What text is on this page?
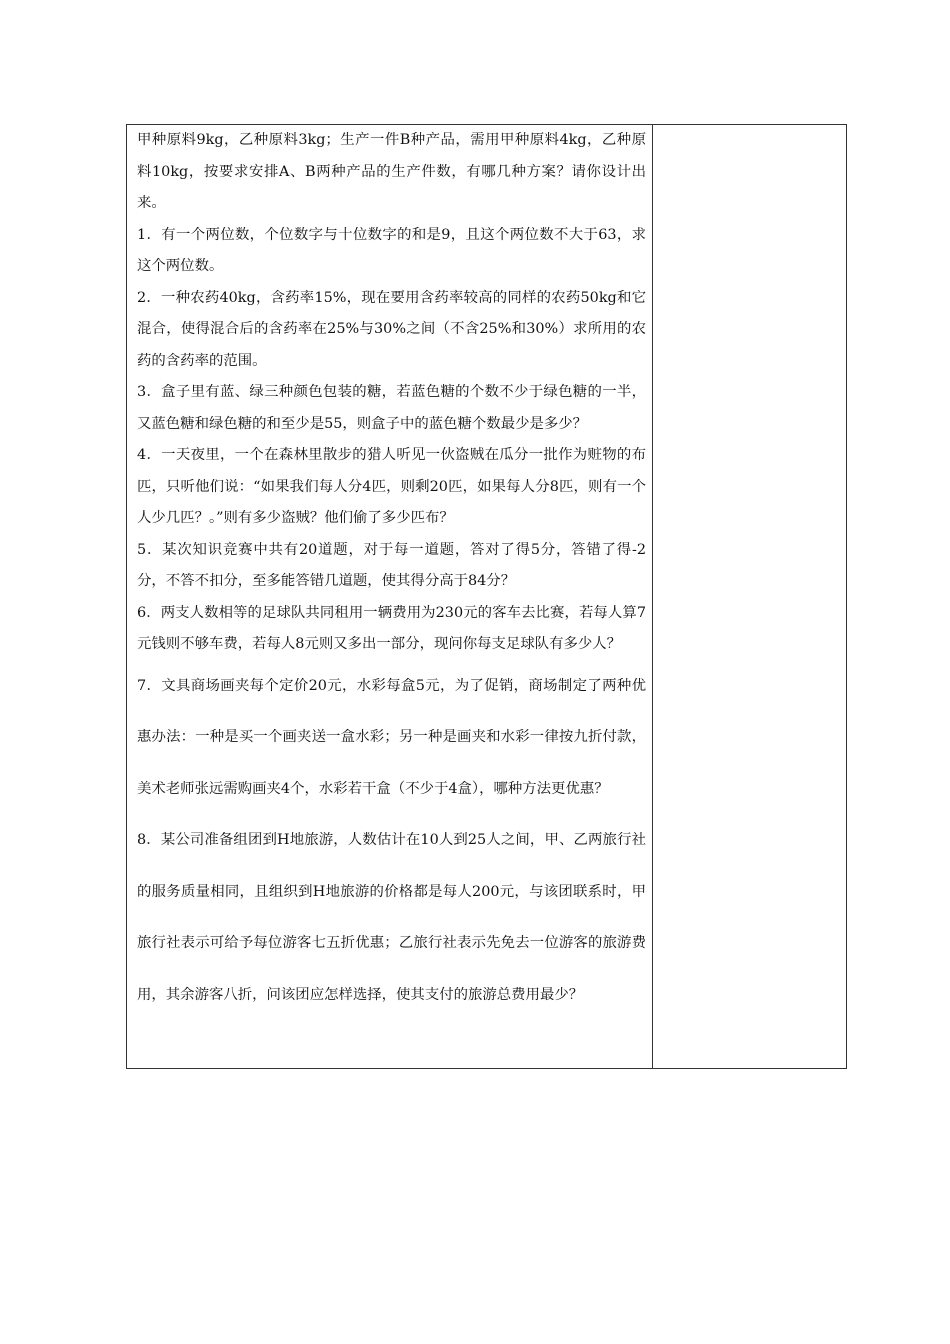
甲种原料9kg，乙种原料3kg；生产一件B种产品，需用甲种原料4kg，乙种原料10kg，按要求安排A、B两种产品的生产件数，有哪几种方案？请你设计出来。

1．有一个两位数，个位数字与十位数字的和是9，且这个两位数不大于63，求这个两位数。

2．一种农药40kg，含药率15%，现在要用含药率较高的同样的农药50kg和它混合，使得混合后的含药率在25%与30%之间（不含25%和30%）求所用的农药的含药率的范围。

3．盒子里有蓝、绿三种颜色包装的糖，若蓝色糖的个数不少于绿色糖的一半，又蓝色糖和绿色糖的和至少是55，则盒子中的蓝色糖个数最少是多少？

4．一天夜里，一个在森林里散步的猎人听见一伙盗贼在瓜分一批作为赃物的布匹，只听他们说：“如果我们每人分4匹，则剩20匹，如果每人分8匹，则有一个人少几匹？。”则有多少盗贼？他们偷了多少匹布？

5．某次知识竞赛中共有20道题，对于每一道题，答对了得5分，答错了得-2分，不答不扣分，至多能答错几道题，使其得分高于84分？

6．两支人数相等的足球队共同租用一辆费用为230元的客车去比赛，若每人算7元钱则不够车费，若每人8元则又多出一部分，现问你每支足球队有多少人？

7．文具商场画夹每个定价20元，水彩每盒5元，为了促销，商场制定了两种优惠办法：一种是买一个画夹送一盒水彩；另一种是画夹和水彩一律按九折付款，美术老师张远需购画夹4个，水彩若干盒（不少于4盒），哪种方法更优惠？

8．某公司准备组团到H地旅游，人数估计在10人到25人之间，甲、乙两旅行社的服务质量相同，且组织到H地旅游的价格都是每人200元，与该团联系时，甲旅行社表示可给予每位游客七五折优惠；乙旅行社表示先免去一位游客的旅游费用，其余游客八折，问该团应怎样选择，使其支付的旅游总费用最少？
